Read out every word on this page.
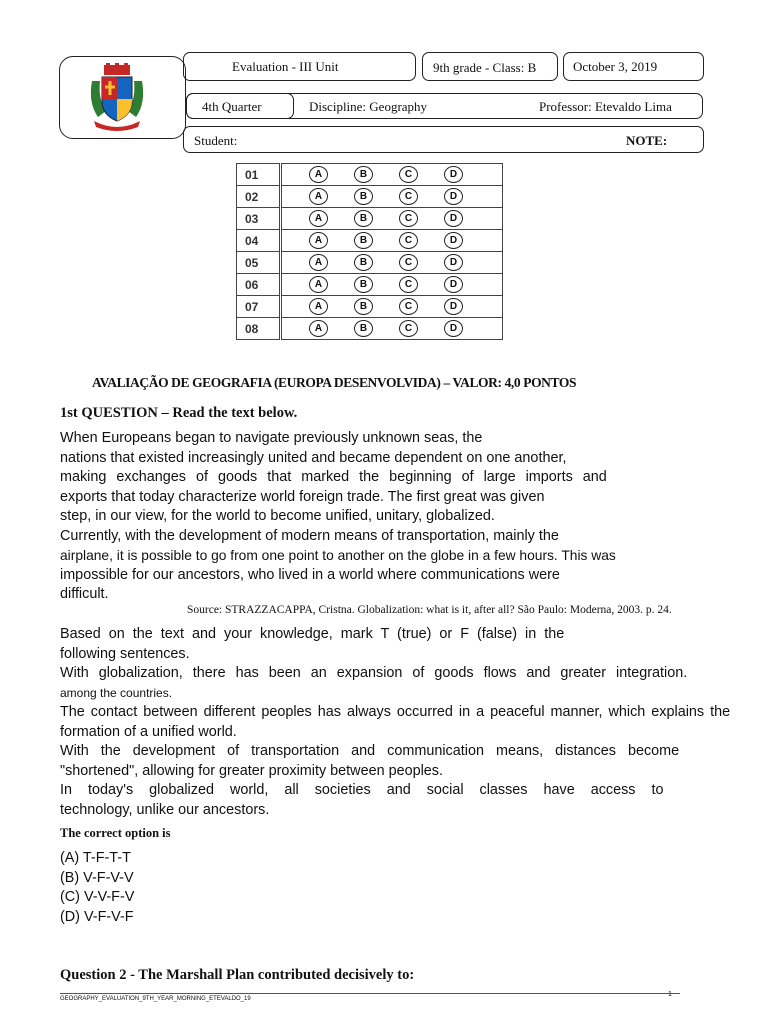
Evaluation - III Unit	9th grade - Class: B	October 3, 2019
Discipline: Geography	Professor: Etevaldo Lima
4th Quarter
Student:	NOTE:
01	A B C D
02	A B C D
03	A B C D
04	A B C D
05	A B C D
06	A B C D
07	A B C D
08	A B C D
AVALIAÇÃO DE GEOGRAFIA (EUROPA DESENVOLVIDA) – VALOR: 4,0 PONTOS
1st QUESTION – Read the text below.
When Europeans began to navigate previously unknown seas, the
nations that existed increasingly united and became dependent on one another,
making exchanges of goods that marked the beginning of large imports and
exports that today characterize world foreign trade. The first great was given
step, in our view, for the world to become unified, unitary, globalized.
Currently, with the development of modern means of transportation, mainly the
airplane, it is possible to go from one point to another on the globe in a few hours. This was
impossible for our ancestors, who lived in a world where communications were
difficult.
Source: STRAZZACAPPA, Cristna. Globalization: what is it, after all? São Paulo: Moderna, 2003. p. 24.
Based on the text and your knowledge, mark T (true) or F (false) in the
following sentences.
With globalization, there has been an expansion of goods flows and greater integration.
among the countries.
The contact between different peoples has always occurred in a peaceful manner, which explains the
formation of a unified world.
With the development of transportation and communication means, distances become
"shortened", allowing for greater proximity between peoples.
In today's globalized world, all societies and social classes have access to
technology, unlike our ancestors.
The correct option is
(A) T-F-T-T
(B) V-F-V-V
(C) V-V-F-V
(D) V-F-V-F
Question 2 - The Marshall Plan contributed decisively to:
GEOGRAPHY_EVALUATION_9TH_YEAR_MORNING_ETEVALDO_19
1
